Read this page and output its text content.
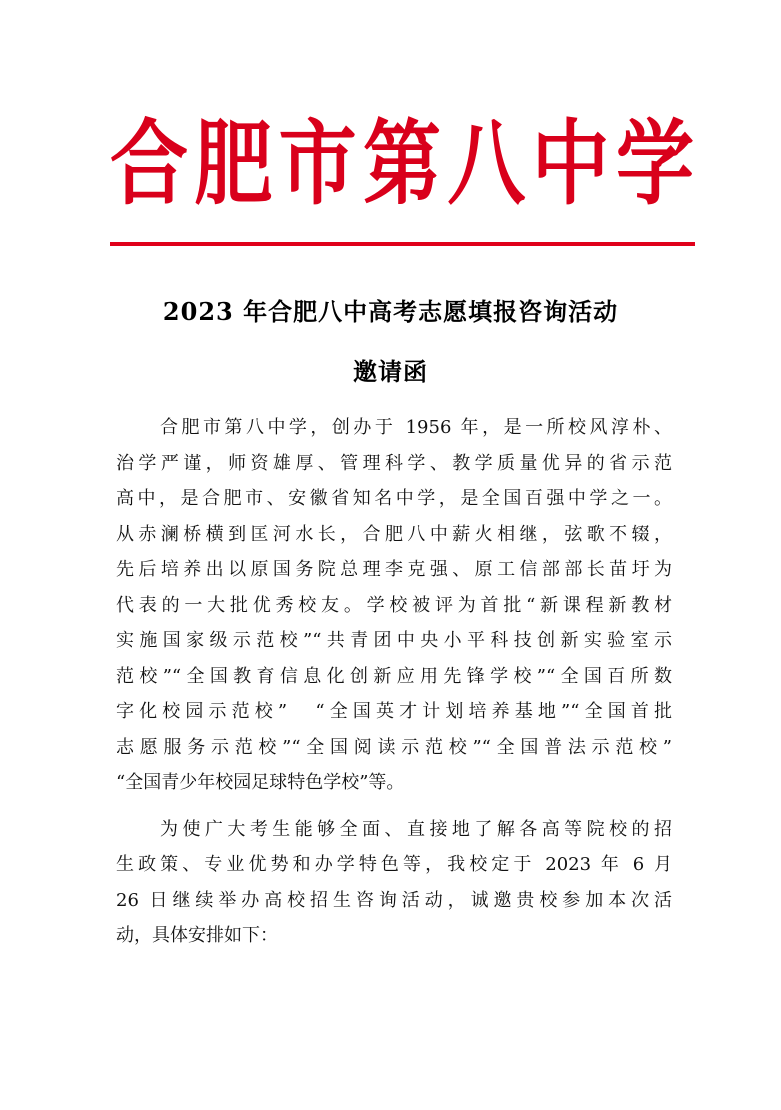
合 肥 市 第 八 中 学
2023 年合肥八中高考志愿填报咨询活动
邀请函

合肥市第八中学，创办于 1956 年，是一所校风淳朴、
治学严谨，师资雄厚、管理科学、教学质量优异的省示范
高中，是合肥市、安徽省知名中学，是全国百强中学之一。
从赤澜桥横到匡河水长，合肥八中薪火相继，弦歌不辍，
先后培养出以原国务院总理李克强、原工信部部长苗圩为
代表的一大批优秀校友。学校被评为首批“新课程新教材
实施国家级示范校”“共青团中央小平科技创新实验室示
范校”“全国教育信息化创新应用先锋学校”“全国百所数
字化校园示范校”　“全国英才计划培养基地”“全国首批
志愿服务示范校”“全国阅读示范校”“全国普法示范校”
“全国青少年校园足球特色学校”等。

为使广大考生能够全面、直接地了解各高等院校的招
生政策、专业优势和办学特色等，我校定于 2023 年 6 月
26 日继续举办高校招生咨询活动，诚邀贵校参加本次活
动，具体安排如下：
